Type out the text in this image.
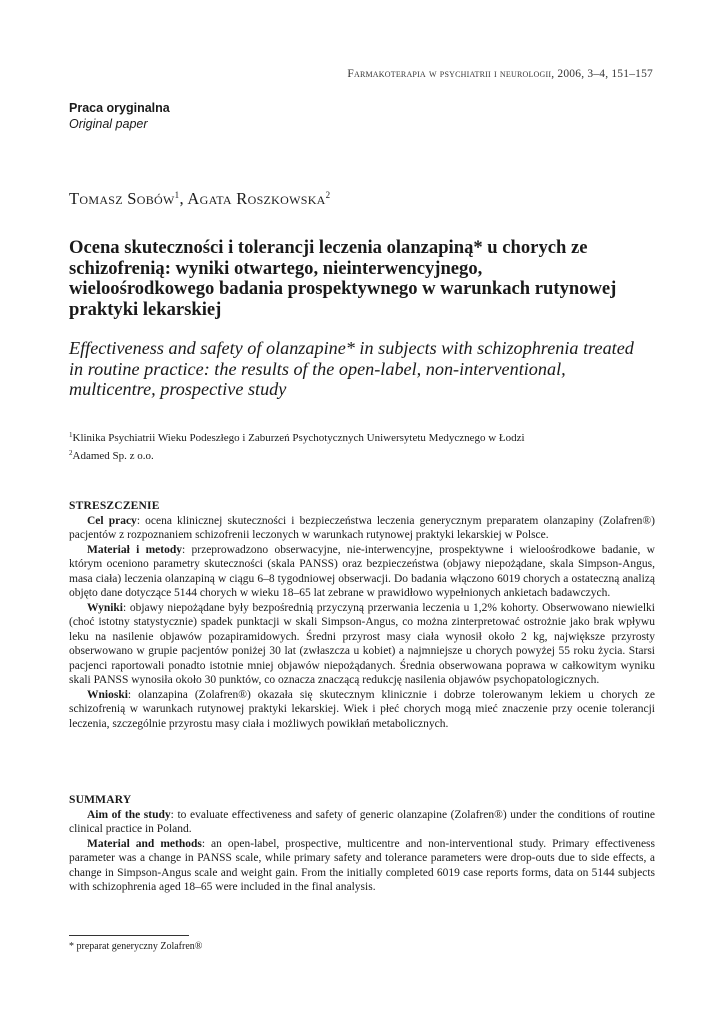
Farmakoterapia w psychiatrii i neurologii, 2006, 3–4, 151–157
Praca oryginalna
Original paper
Tomasz Sobów$^1$, Agata Roszkowska$^2$
Ocena skuteczności i tolerancji leczenia olanzapiną* u chorych ze schizofrenią: wyniki otwartego, nieinterwencyjnego, wieloośrodkowego badania prospektywnego w warunkach rutynowej praktyki lekarskiej
Effectiveness and safety of olanzapine* in subjects with schizophrenia treated in routine practice: the results of the open-label, non-interventional, multicentre, prospective study
$^1$Klinika Psychiatrii Wieku Podeszłego i Zaburzeń Psychotycznych Uniwersytetu Medycznego w Łodzi
$^2$Adamed Sp. z o.o.
STRESZCZENIE

Cel pracy: ocena klinicznej skuteczności i bezpieczeństwa leczenia generycznym preparatem olanzapiny (Zolafren®) pacjentów z rozpoznaniem schizofrenii leczonych w warunkach rutynowej praktyki lekarskiej w Polsce.

Materiał i metody: przeprowadzono obserwacyjne, nie-interwencyjne, prospektywne i wieloośrodkowe badanie, w którym oceniono parametry skuteczności (skala PANSS) oraz bezpieczeństwa (objawy niepożądane, skala Simpson-Angus, masa ciała) leczenia olanzapiną w ciągu 6–8 tygodniowej obserwacji. Do badania włączono 6019 chorych a ostateczną analizą objęto dane dotyczące 5144 chorych w wieku 18–65 lat zebrane w prawidłowo wypełnionych ankietach badawczych.

Wyniki: objawy niepożądane były bezpośrednią przyczyną przerwania leczenia u 1,2% kohorty. Obserwowano niewielki (choć istotny statystycznie) spadek punktacji w skali Simpson-Angus, co można zinterpretować ostrożnie jako brak wpływu leku na nasilenie objawów pozapiramidowych. Średni przyrost masy ciała wynosił około 2 kg, największe przyrosty obserwowano w grupie pacjentów poniżej 30 lat (zwłaszcza u kobiet) a najmniejsze u chorych powyżej 55 roku życia. Starsi pacjenci raportowali ponadto istotnie mniej objawów niepożądanych. Średnia obserwowana poprawa w całkowitym wyniku skali PANSS wynosiła około 30 punktów, co oznacza znaczącą redukcję nasilenia objawów psychopatologicznych.

Wnioski: olanzapina (Zolafren®) okazała się skutecznym klinicznie i dobrze tolerowanym lekiem u chorych ze schizofrenią w warunkach rutynowej praktyki lekarskiej. Wiek i płeć chorych mogą mieć znaczenie przy ocenie tolerancji leczenia, szczególnie przyrostu masy ciała i możliwych powikłań metabolicznych.

SUMMARY

Aim of the study: to evaluate effectiveness and safety of generic olanzapine (Zolafren®) under the conditions of routine clinical practice in Poland.

Material and methods: an open-label, prospective, multicentre and non-interventional study. Primary effectiveness parameter was a change in PANSS scale, while primary safety and tolerance parameters were drop-outs due to side effects, a change in Simpson-Angus scale and weight gain. From the initially completed 6019 case reports forms, data on 5144 subjects with schizophrenia aged 18–65 were included in the final analysis.

* preparat generyczny Zolafren®
